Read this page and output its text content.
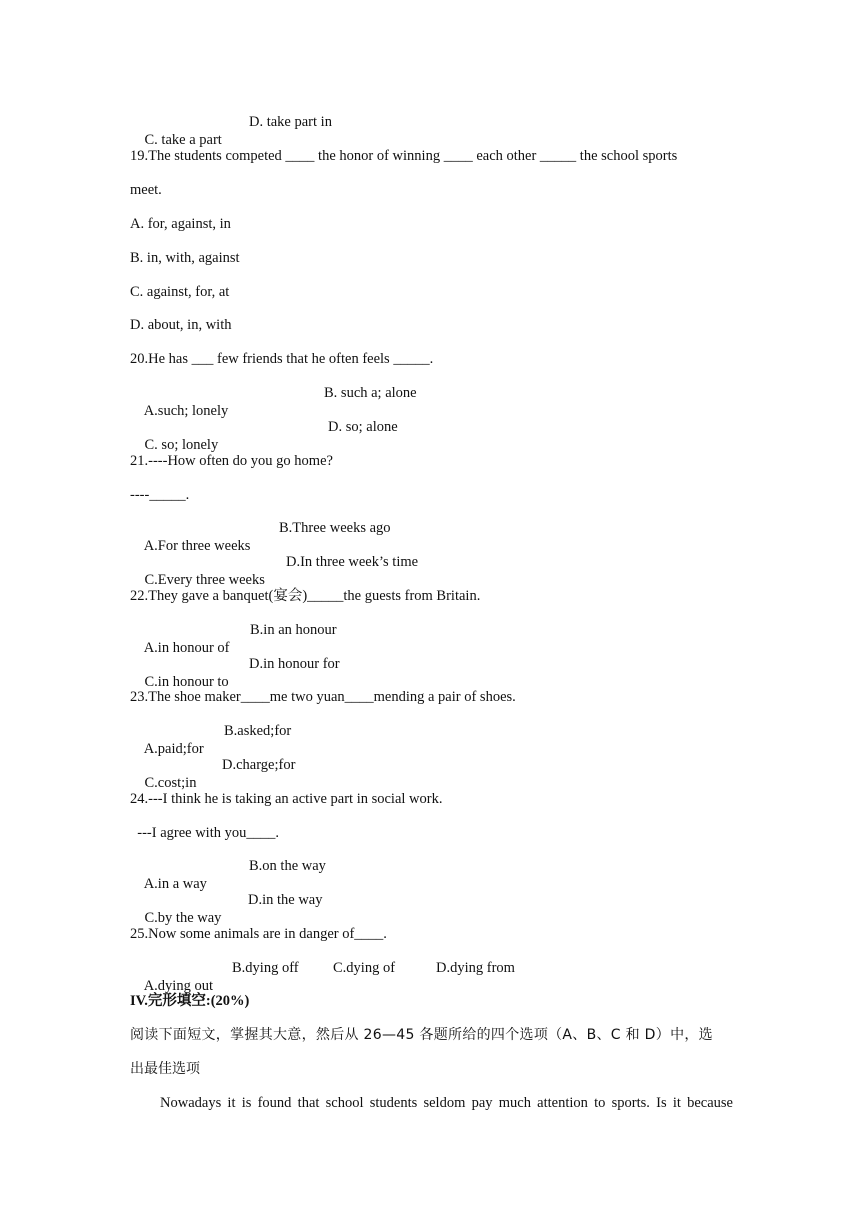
C. take a part

D. take part in

19.The students competed ____ the honor of winning ____ each other _____ the school sports
meet.
A. for, against, in
B. in, with, against
C. against, for, at
D. about, in, with
20.He has ___ few friends that he often feels _____.

A.such; lonely

B. such a; alone

C. so; lonely

D. so; alone

21.----How often do you go home?
----_____.

A.For three weeks

B.Three weeks ago

C.Every three weeks

D.In three week’s time

22.They gave a banquet(宴会)_____the guests from Britain.

A.in honour of

B.in an honour

C.in honour to

D.in honour for

23.The shoe maker____me two yuan____mending a pair of shoes.

A.paid;for

B.asked;for

C.cost;in

D.charge;for

24.---I think he is taking an active part in social work.
---I agree with you____.

A.in a way

B.on the way

C.by the way

D.in the way

25.Now some animals are in danger of____.

A.dying out

B.dying off

C.dying of

	D.dying from

IV.完形填空:(20%)
阅读下面短文，掌握其大意，然后从 26—45 各题所给的四个选项（A、B、C 和 D）中，选
出最佳选项
Nowadays it is found that school students seldom pay much attention to sports. Is it because
